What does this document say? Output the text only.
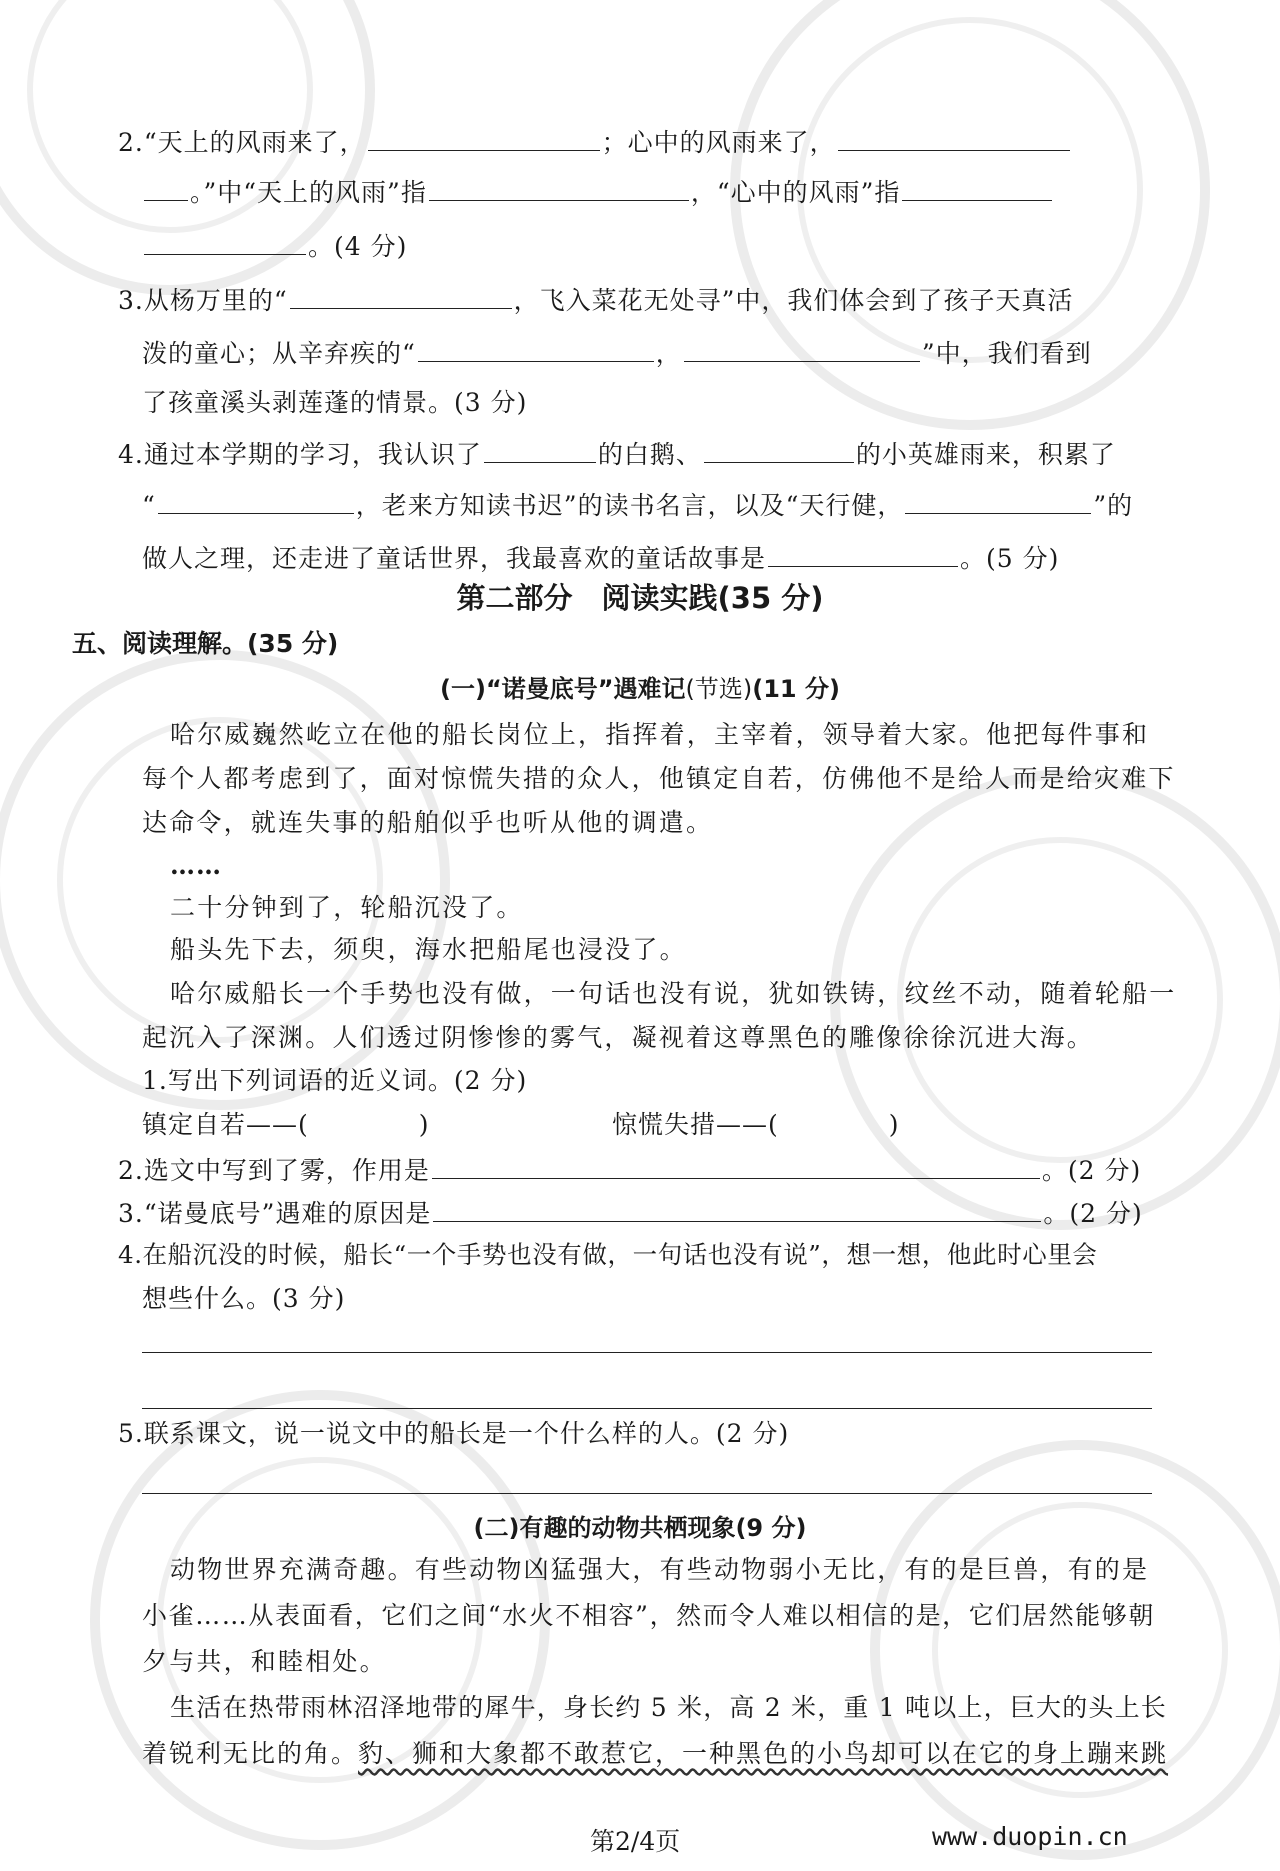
2.“天上的风雨来了，	；心中的风雨来了，
。”中“天上的风雨”指	，“心中的风雨”指
。(4 分)
3.从杨万里的“	，飞入菜花无处寻”中，我们体会到了孩子天真活
泼的童心；从辛弃疾的“	，	”中，我们看到
了孩童溪头剥莲蓬的情景。(3 分)
4.通过本学期的学习，我认识了	的白鹅、	的小英雄雨来，积累了
“	，老来方知读书迟”的读书名言，以及“天行健，	”的
做人之理，还走进了童话世界，我最喜欢的童话故事是	。(5 分)
第二部分　阅读实践(35 分)
五、阅读理解。(35 分)
(一)“诺曼底号”遇难记(节选)(11 分)
哈尔威巍然屹立在他的船长岗位上，指挥着，主宰着，领导着大家。他把每件事和
每个人都考虑到了，面对惊慌失措的众人，他镇定自若，仿佛他不是给人而是给灾难下
达命令，就连失事的船舶似乎也听从他的调遣。
……
二十分钟到了，轮船沉没了。
船头先下去，须臾，海水把船尾也浸没了。
哈尔威船长一个手势也没有做，一句话也没有说，犹如铁铸，纹丝不动，随着轮船一
起沉入了深渊。人们透过阴惨惨的雾气，凝视着这尊黑色的雕像徐徐沉进大海。
1.写出下列词语的近义词。(2 分)
镇定自若——(	)	惊慌失措——(	)
2.选文中写到了雾，作用是	。(2 分)
3.“诺曼底号”遇难的原因是	。(2 分)
4.在船沉没的时候，船长“一个手势也没有做，一句话也没有说”，想一想，他此时心里会
想些什么。(3 分)
5.联系课文，说一说文中的船长是一个什么样的人。(2 分)
(二)有趣的动物共栖现象(9 分)
动物世界充满奇趣。有些动物凶猛强大，有些动物弱小无比，有的是巨兽，有的是
小雀……从表面看，它们之间“水火不相容”，然而令人难以相信的是，它们居然能够朝
夕与共，和睦相处。
生活在热带雨林沼泽地带的犀牛，身长约 5 米，高 2 米，重 1 吨以上，巨大的头上长
着锐利无比的角。豹、狮和大象都不敢惹它，一种黑色的小鸟却可以在它的身上蹦来跳
第2/4页	www.duopin.cn
